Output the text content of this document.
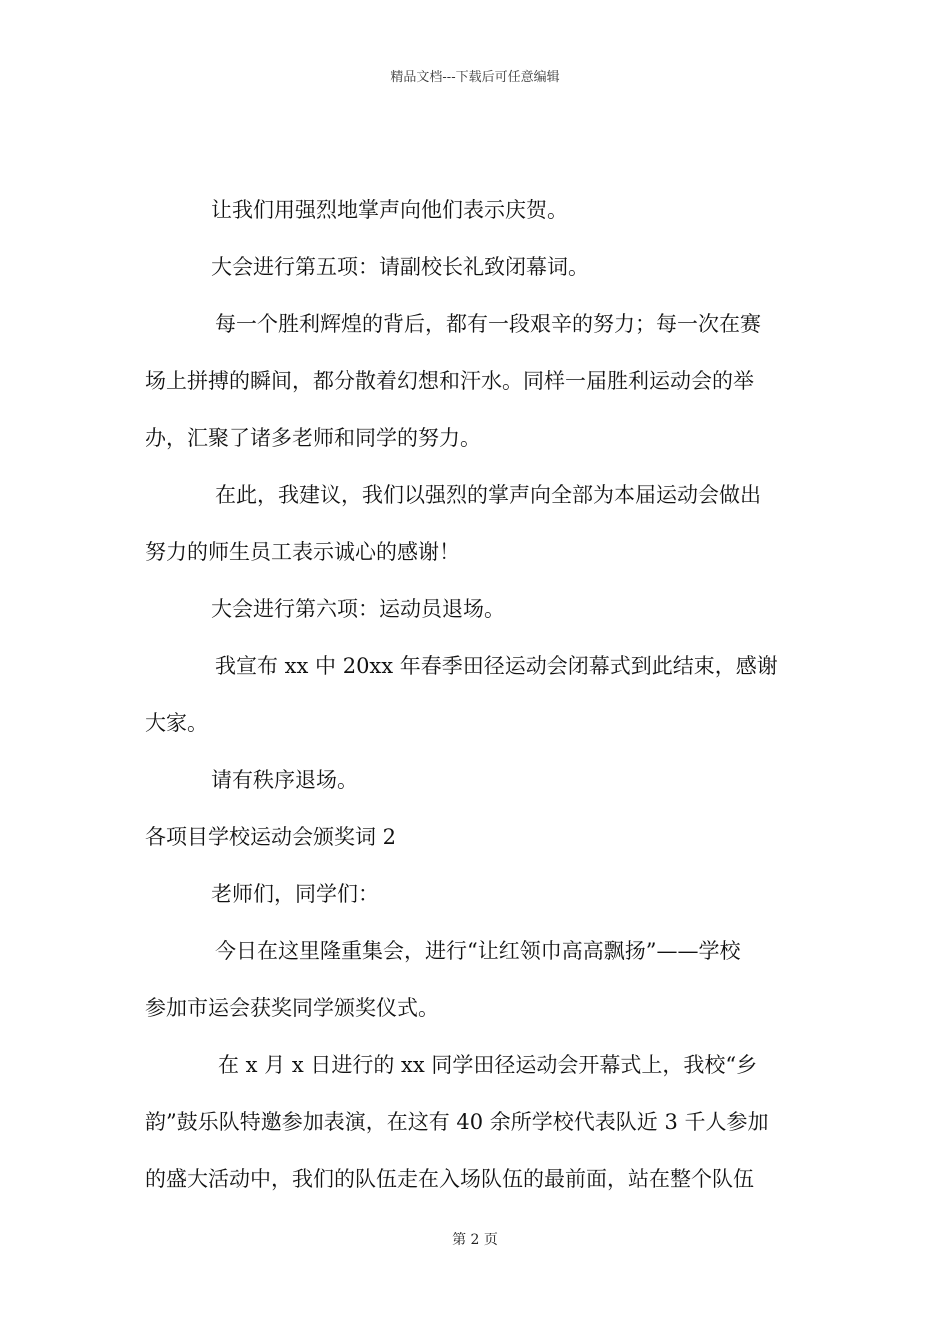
精品文档---下载后可任意编辑
让我们用强烈地掌声向他们表示庆贺。
大会进行第五项：请副校长礼致闭幕词。
每一个胜利辉煌的背后，都有一段艰辛的努力；每一次在赛
场上拼搏的瞬间，都分散着幻想和汗水。同样一届胜利运动会的举
办，汇聚了诸多老师和同学的努力。
在此，我建议，我们以强烈的掌声向全部为本届运动会做出
努力的师生员工表示诚心的感谢！
大会进行第六项：运动员退场。
我宣布 xx 中 20xx 年春季田径运动会闭幕式到此结束，感谢
大家。
请有秩序退场。
各项目学校运动会颁奖词 2
老师们，同学们：
今日在这里隆重集会，进行“让红领巾高高飘扬”——学校
参加市运会获奖同学颁奖仪式。
在 x 月 x 日进行的 xx 同学田径运动会开幕式上，我校“乡
韵”鼓乐队特邀参加表演，在这有 40 余所学校代表队近 3 千人参加
的盛大活动中，我们的队伍走在入场队伍的最前面，站在整个队伍
第 2 页
